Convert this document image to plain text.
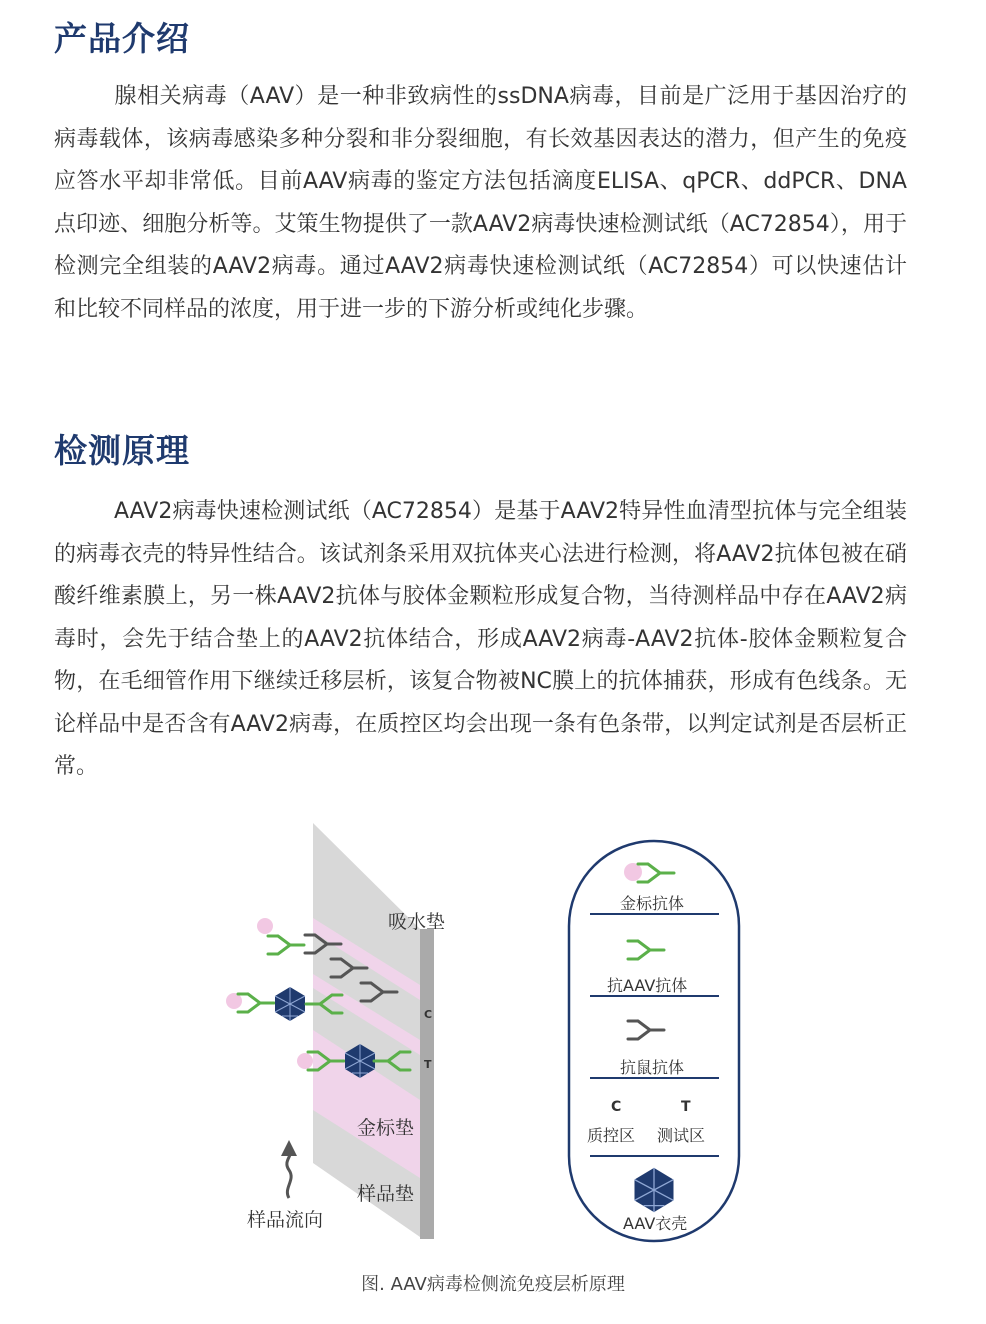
产品介绍

腺相关病毒（AAV）是一种非致病性的ssDNA病毒，目前是广泛用于基因治疗的病毒载体，该病毒感染多种分裂和非分裂细胞，有长效基因表达的潜力，但产生的免疫应答水平却非常低。目前AAV病毒的鉴定方法包括滴度ELISA、qPCR、ddPCR、DNA点印迹、细胞分析等。艾策生物提供了一款AAV2病毒快速检测试纸（AC72854），用于检测完全组装的AAV2病毒。通过AAV2病毒快速检测试纸（AC72854）可以快速估计和比较不同样品的浓度，用于进一步的下游分析或纯化步骤。

检测原理

AAV2病毒快速检测试纸（AC72854）是基于AAV2特异性血清型抗体与完全组装的病毒衣壳的特异性结合。该试剂条采用双抗体夹心法进行检测，将AAV2抗体包被在硝酸纤维素膜上，另一株AAV2抗体与胶体金颗粒形成复合物，当待测样品中存在AAV2病毒时，会先于结合垫上的AAV2抗体结合，形成AAV2病毒-AAV2抗体-胶体金颗粒复合物，在毛细管作用下继续迁移层析，该复合物被NC膜上的抗体捕获，形成有色线条。无论样品中是否含有AAV2病毒，在质控区均会出现一条有色条带，以判定试剂是否层析正常。

吸水垫
C
T
金标垫
样品垫
样品流向
金标抗体
抗AAV抗体
抗鼠抗体
C	T
质控区 测试区
AAV衣壳
图. AAV病毒检侧流免疫层析原理
